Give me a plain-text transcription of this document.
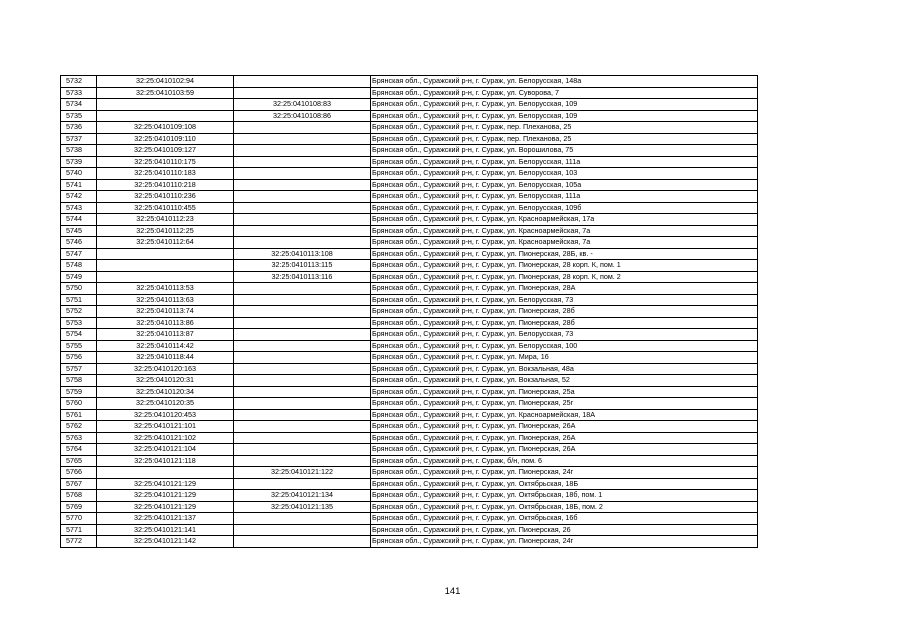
5732	32:25:0410102:94		Брянская обл., Суражский р-н, г. Сураж, ул. Белорусская, 148а
5733	32:25:0410103:59		Брянская обл., Суражский р-н, г. Сураж, ул. Суворова, 7
5734		32:25:0410108:83	Брянская обл., Суражский р-н, г. Сураж, ул. Белорусская, 109
5735		32:25:0410108:86	Брянская обл., Суражский р-н, г. Сураж, ул. Белорусская, 109
5736	32:25:0410109:108		Брянская обл., Суражский р-н, г. Сураж, пер. Плеханова, 25
5737	32:25:0410109:110		Брянская обл., Суражский р-н, г. Сураж, пер. Плеханова, 25
5738	32:25:0410109:127		Брянская обл., Суражский р-н, г. Сураж, ул. Ворошилова, 75
5739	32:25:0410110:175		Брянская обл., Суражский р-н, г. Сураж, ул. Белорусская, 111а
5740	32:25:0410110:183		Брянская обл., Суражский р-н, г. Сураж, ул. Белорусская, 103
5741	32:25:0410110:218		Брянская обл., Суражский р-н, г. Сураж, ул. Белорусская, 105а
5742	32:25:0410110:236		Брянская обл., Суражский р-н, г. Сураж, ул. Белорусская, 111а
5743	32:25:0410110:455		Брянская обл., Суражский р-н, г. Сураж, ул. Белорусская, 109б
5744	32:25:0410112:23		Брянская обл., Суражский р-н, г. Сураж, ул. Красноармейская, 17а
5745	32:25:0410112:25		Брянская обл., Суражский р-н, г. Сураж, ул. Красноармейская, 7а
5746	32:25:0410112:64		Брянская обл., Суражский р-н, г. Сураж, ул. Красноармейская, 7а
5747		32:25:0410113:108	Брянская обл., Суражский р-н, г. Сураж, ул. Пионерская, 28Б, кв. -
5748		32:25:0410113:115	Брянская обл., Суражский р-н, г. Сураж, ул. Пионерская, 28 корп. К, пом. 1
5749		32:25:0410113:116	Брянская обл., Суражский р-н, г. Сураж, ул. Пионерская, 28 корп. К, пом. 2
5750	32:25:0410113:53		Брянская обл., Суражский р-н, г. Сураж, ул. Пионерская, 28А
5751	32:25:0410113:63		Брянская обл., Суражский р-н, г. Сураж, ул. Белорусская, 73
5752	32:25:0410113:74		Брянская обл., Суражский р-н, г. Сураж, ул. Пионерская, 28б
5753	32:25:0410113:86		Брянская обл., Суражский р-н, г. Сураж, ул. Пионерская, 28б
5754	32:25:0410113:87		Брянская обл., Суражский р-н, г. Сураж, ул. Белорусская, 73
5755	32:25:0410114:42		Брянская обл., Суражский р-н, г. Сураж, ул. Белорусская, 100
5756	32:25:0410118:44		Брянская обл., Суражский р-н, г. Сураж, ул. Мира, 16
5757	32:25:0410120:163		Брянская обл., Суражский р-н, г. Сураж, ул. Вокзальная, 48а
5758	32:25:0410120:31		Брянская обл., Суражский р-н, г. Сураж, ул. Вокзальная, 52
5759	32:25:0410120:34		Брянская обл., Суражский р-н, г. Сураж, ул. Пионерская, 25а
5760	32:25:0410120:35		Брянская обл., Суражский р-н, г. Сураж, ул. Пионерская, 25г
5761	32:25:0410120:453		Брянская обл., Суражский р-н, г. Сураж, ул. Красноармейская, 18А
5762	32:25:0410121:101		Брянская обл., Суражский р-н, г. Сураж, ул. Пионерская, 26А
5763	32:25:0410121:102		Брянская обл., Суражский р-н, г. Сураж, ул. Пионерская, 26А
5764	32:25:0410121:104		Брянская обл., Суражский р-н, г. Сураж, ул. Пионерская, 26А
5765	32:25:0410121:118		Брянская обл., Суражский р-н, г. Сураж, б/н, пом. 6
5766		32:25:0410121:122	Брянская обл., Суражский р-н, г. Сураж, ул. Пионерская, 24г
5767	32:25:0410121:129		Брянская обл., Суражский р-н, г. Сураж, ул. Октябрьская, 18Б
5768	32:25:0410121:129	32:25:0410121:134	Брянская обл., Суражский р-н, г. Сураж, ул. Октябрьская, 18б, пом. 1
5769	32:25:0410121:129	32:25:0410121:135	Брянская обл., Суражский р-н, г. Сураж, ул. Октябрьская, 18Б, пом. 2
5770	32:25:0410121:137		Брянская обл., Суражский р-н, г. Сураж, ул. Октябрьская, 16б
5771	32:25:0410121:141		Брянская обл., Суражский р-н, г. Сураж, ул. Пионерская, 26
5772	32:25:0410121:142		Брянская обл., Суражский р-н, г. Сураж, ул. Пионерская, 24г
141
